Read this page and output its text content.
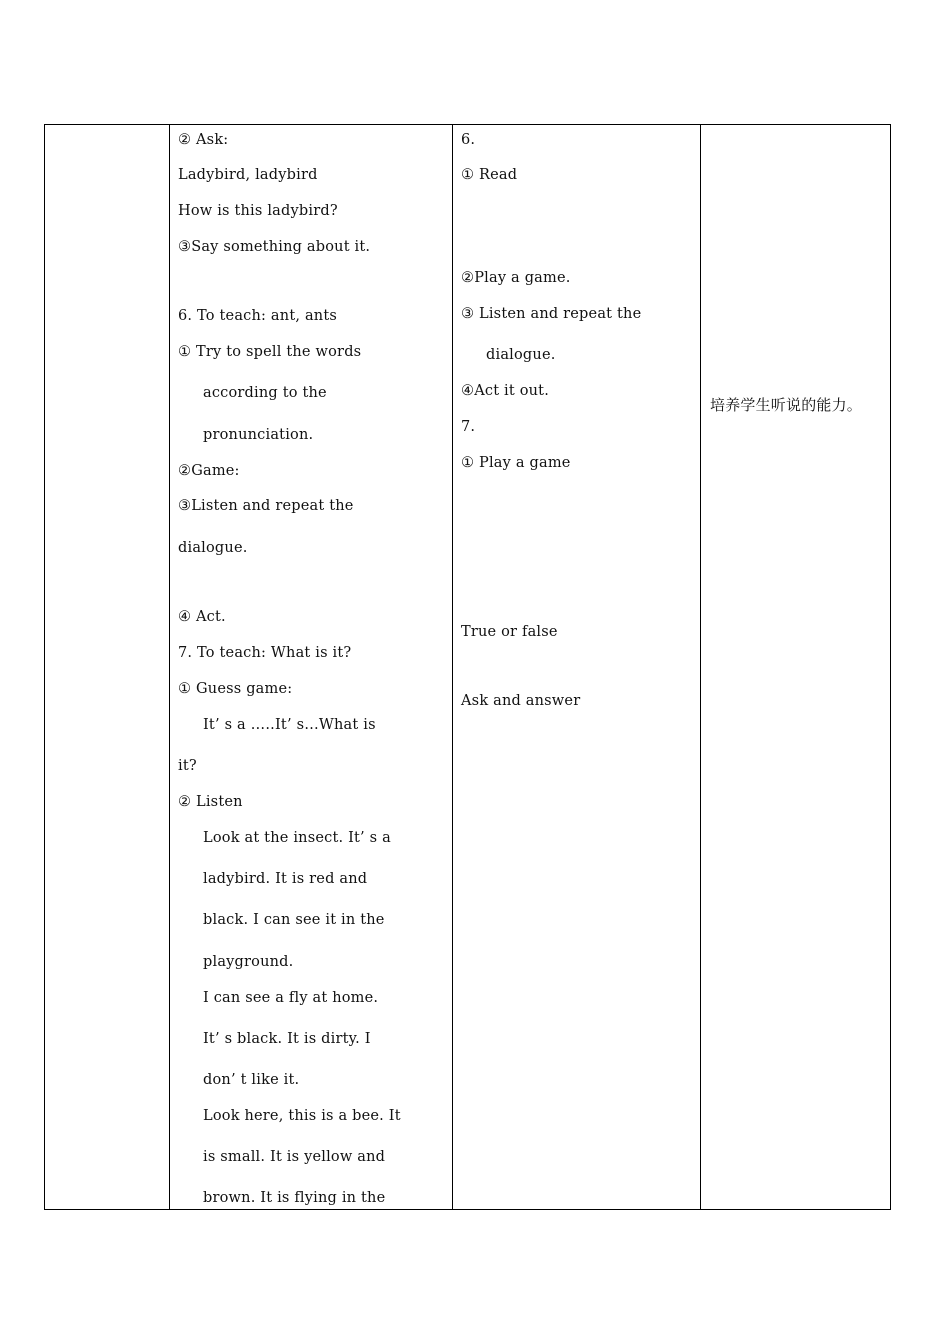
② Ask:
Ladybird, ladybird
How is this ladybird?
③Say something about it.
6. To teach: ant, ants
① Try to spell the words
according to the
pronunciation.
②Game:
③Listen and repeat the
dialogue.
④ Act.
7. To teach: What is it?
① Guess game:
It’ s a …..It’ s…What is
it?
② Listen
Look at the insect. It’ s a
ladybird. It is red and
black. I can see it in the
playground.
I can see a fly at home.
It’ s black. It is dirty. I
don’ t like it.
Look here, this is a bee. It
is small. It is yellow and
brown. It is flying in the
6.
① Read
②Play a game.
③ Listen and repeat the
dialogue.
④Act it out.
7.
① Play a game
True or false
Ask and answer
培养学生听说的能力。
